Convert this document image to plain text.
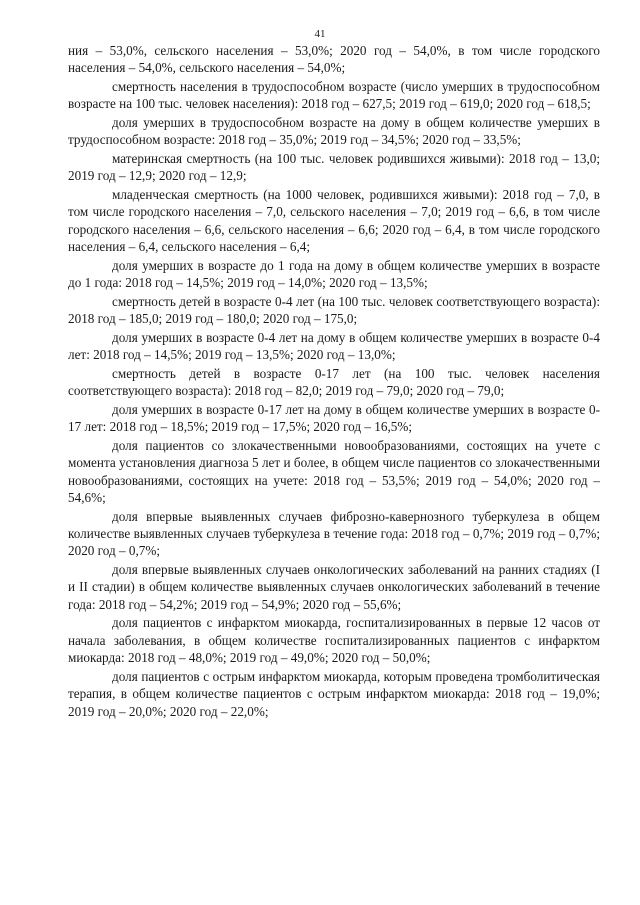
41

ния – 53,0%, сельского населения – 53,0%; 2020 год – 54,0%, в том числе городского населения – 54,0%, сельского населения – 54,0%;

смертность населения в трудоспособном возрасте (число умерших в трудоспособном возрасте на 100 тыс. человек населения): 2018 год – 627,5; 2019 год – 619,0; 2020 год – 618,5;

доля умерших в трудоспособном возрасте на дому в общем количестве умерших в трудоспособном возрасте: 2018 год – 35,0%; 2019 год – 34,5%; 2020 год – 33,5%;

материнская смертность (на 100 тыс. человек родившихся живыми): 2018 год – 13,0; 2019 год – 12,9; 2020 год – 12,9;

младенческая смертность (на 1000 человек, родившихся живыми): 2018 год – 7,0, в том числе городского населения – 7,0, сельского населения – 7,0; 2019 год – 6,6, в том числе городского населения – 6,6, сельского населения – 6,6; 2020 год – 6,4, в том числе городского населения – 6,4, сельского населения – 6,4;

доля умерших в возрасте до 1 года на дому в общем количестве умерших в возрасте до 1 года: 2018 год – 14,5%; 2019 год – 14,0%; 2020 год – 13,5%;

смертность детей в возрасте 0-4 лет (на 100 тыс. человек соответствующего возраста): 2018 год – 185,0; 2019 год – 180,0; 2020 год – 175,0;

доля умерших в возрасте 0-4 лет на дому в общем количестве умерших в возрасте 0-4 лет: 2018 год – 14,5%; 2019 год – 13,5%; 2020 год – 13,0%;

смертность детей в возрасте 0-17 лет (на 100 тыс. человек населения соответствующего возраста): 2018 год – 82,0; 2019 год – 79,0; 2020 год – 79,0;

доля умерших в возрасте 0-17 лет на дому в общем количестве умерших в возрасте 0-17 лет: 2018 год – 18,5%; 2019 год – 17,5%; 2020 год – 16,5%;

доля пациентов со злокачественными новообразованиями, состоящих на учете с момента установления диагноза 5 лет и более, в общем числе пациентов со злокачественными новообразованиями, состоящих на учете: 2018 год – 53,5%; 2019 год – 54,0%; 2020 год – 54,6%;

доля впервые выявленных случаев фиброзно-кавернозного туберкулеза в общем количестве выявленных случаев туберкулеза в течение года: 2018 год – 0,7%; 2019 год – 0,7%; 2020 год – 0,7%;

доля впервые выявленных случаев онкологических заболеваний на ранних стадиях (I и II стадии) в общем количестве выявленных случаев онкологических заболеваний в течение года: 2018 год – 54,2%; 2019 год – 54,9%; 2020 год – 55,6%;

доля пациентов с инфарктом миокарда, госпитализированных в первые 12 часов от начала заболевания, в общем количестве госпитализированных пациентов с инфарктом миокарда: 2018 год – 48,0%; 2019 год – 49,0%; 2020 год – 50,0%;

доля пациентов с острым инфарктом миокарда, которым проведена тромболитическая терапия, в общем количестве пациентов с острым инфарктом миокарда: 2018 год – 19,0%; 2019 год – 20,0%; 2020 год – 22,0%;
